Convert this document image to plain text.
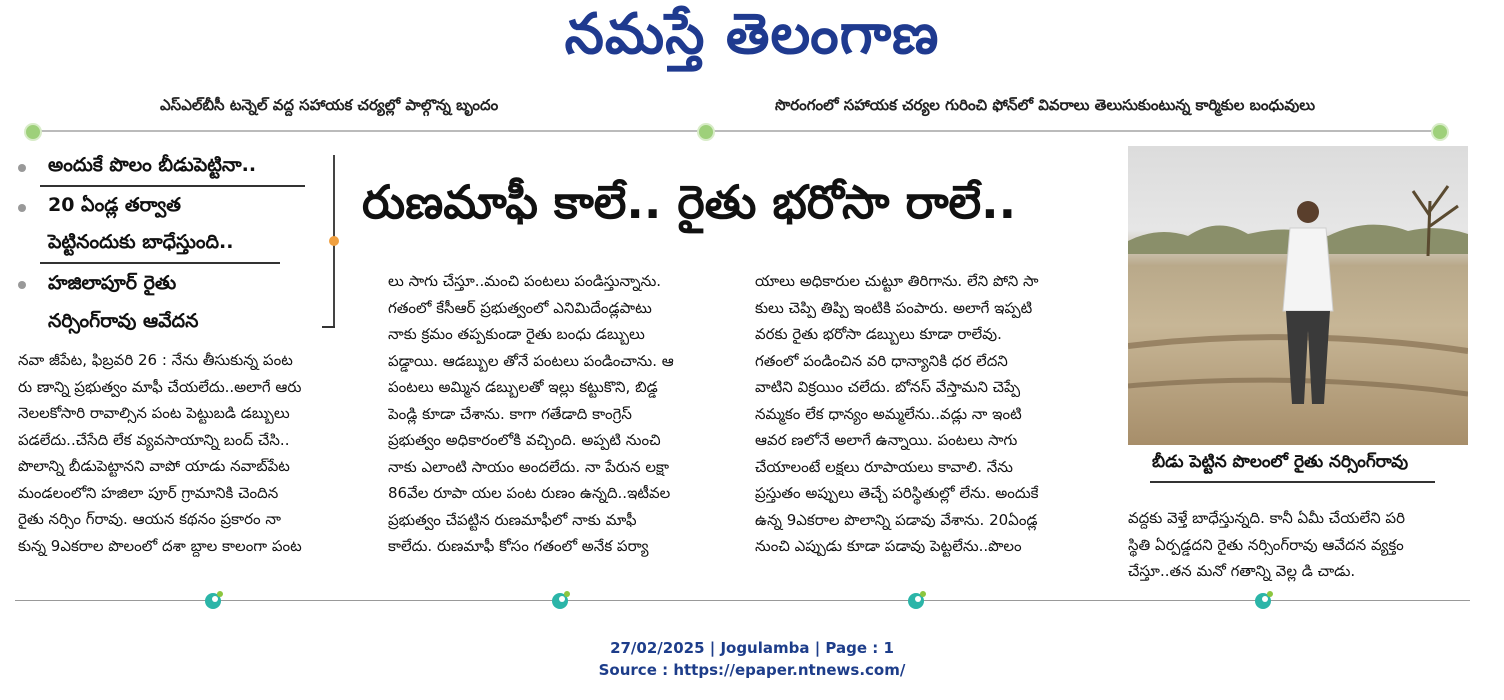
నమస్తే తెలంగాణ
ఎస్‌ఎల్‌బీసీ టన్నెల్ వద్ద సహాయక చర్యల్లో పాల్గొన్న బృందం	సొరంగంలో సహాయక చర్యల గురించి ఫోన్‌లో వివరాలు తెలుసుకుంటున్న కార్మికుల బంధువులు
అందుకే పొలం బీడుపెట్టినా..
20 ఏండ్ల తర్వాత
పెట్టినందుకు బాధేస్తుంది..
హజిలాపూర్ రైతు
నర్సింగ్‌రావు ఆవేదన
రుణమాఫీ కాలే.. రైతు భరోసా రాలే..
నవా జీపేట, ఫిబ్రవరి 26 : నేను తీసుకున్న పంట
రు ణాన్ని ప్రభుత్వం మాఫీ చేయలేదు..అలాగే ఆరు
నెలలకోసారి రావాల్సిన పంట పెట్టుబడి డబ్బులు
పడలేదు..చేసేది లేక వ్యవసాయాన్ని బంద్ చేసి..
పొలాన్ని బీడుపెట్టానని వాపో యాడు నవాబ్‌పేట
మండలంలోని హజిలా పూర్ గ్రామానికి చెందిన
రైతు నర్సిం గ్‌రావు. ఆయన కథనం ప్రకారం నా
కున్న 9ఎకరాల పొలంలో దశా బ్దాల కాలంగా పంట
లు సాగు చేస్తూ..మంచి పంటలు పండిస్తున్నాను.
గతంలో కేసీఆర్ ప్రభుత్వంలో ఎనిమిదేండ్లపాటు
నాకు క్రమం తప్పకుండా రైతు బంధు డబ్బులు
పడ్డాయి. ఆడబ్బుల తోనే పంటలు పండించాను. ఆ
పంటలు అమ్మిన డబ్బులతో ఇల్లు కట్టుకొని, బిడ్డ
పెండ్లి కూడా చేశాను. కాగా గతేడాది కాంగ్రెస్
ప్రభుత్వం అధికారంలోకి వచ్చింది. అప్పటి నుంచి
నాకు ఎలాంటి సాయం అందలేదు. నా పేరున లక్షా
86వేల రూపా యల పంట రుణం ఉన్నది..ఇటీవల
ప్రభుత్వం చేపట్టిన రుణమాఫీలో నాకు మాఫీ
కాలేదు. రుణమాఫీ కోసం గతంలో అనేక పర్యా
యాలు అధికారుల చుట్టూ తిరిగాను. లేని పోని సా
కులు చెప్పి తిప్పి ఇంటికి పంపారు. అలాగే ఇప్పటి
వరకు రైతు భరోసా డబ్బులు కూడా రాలేవు.
గతంలో పండించిన వరి ధాన్యానికి ధర లేదని
వాటిని విక్రయిం చలేదు. బోనస్ వేస్తామని చెప్పే
నమ్మకం లేక ధాన్యం అమ్మలేను..వడ్లు నా ఇంటి
ఆవర ణలోనే అలాగే ఉన్నాయి. పంటలు సాగు
చేయాలంటే లక్షలు రూపాయలు కావాలి. నేను
ప్రస్తుతం అప్పులు తెచ్చే పరిస్థితుల్లో లేను. అందుకే
ఉన్న 9ఎకరాల పొలాన్ని పడావు వేశాను. 20ఏండ్ల
నుంచి ఎప్పుడు కూడా పడావు పెట్టలేను..పొలం
వద్దకు వెళ్తే బాధేస్తున్నది. కానీ ఏమీ చేయలేని పరి
స్థితి ఏర్పడ్డదని రైతు నర్సింగ్‌రావు ఆవేదన వ్యక్తం
చేస్తూ..తన మనో గతాన్ని వెల్ల డి చాడు.
బీడు పెట్టిన పొలంలో రైతు నర్సింగ్‌రావు
27/02/2025 | Jogulamba | Page : 1
Source : https://epaper.ntnews.com/
